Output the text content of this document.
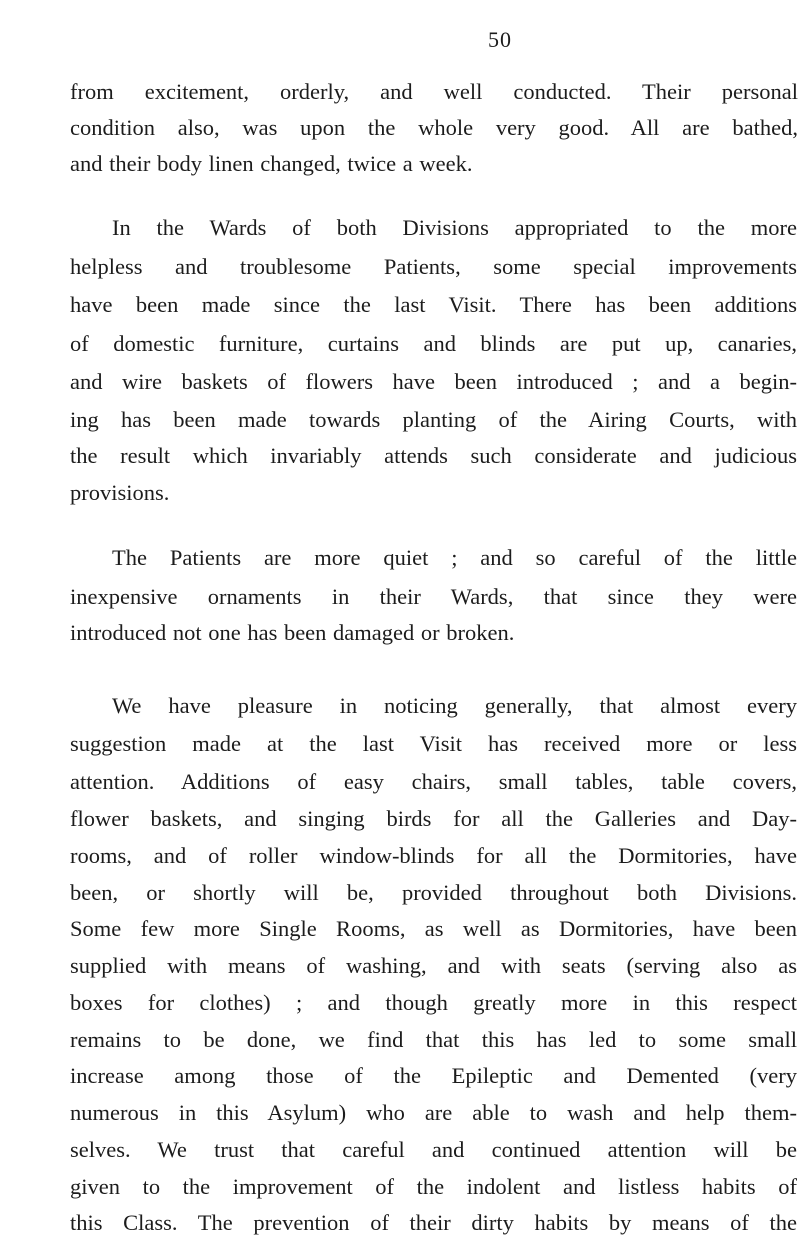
50
from excitement, orderly, and well conducted. Their personal
condition also, was upon the whole very good. All are bathed,
and their body linen changed, twice a week.
In the Wards of both Divisions appropriated to the more
helpless and troublesome Patients, some special improvements
have been made since the last Visit. There has been additions
of domestic furniture, curtains and blinds are put up, canaries,
and wire baskets of flowers have been introduced ; and a begin-
ing has been made towards planting of the Airing Courts, with
the result which invariably attends such considerate and judicious
provisions.
The Patients are more quiet ; and so careful of the little
inexpensive ornaments in their Wards, that since they were
introduced not one has been damaged or broken.
We have pleasure in noticing generally, that almost every
suggestion made at the last Visit has received more or less
attention. Additions of easy chairs, small tables, table covers,
flower baskets, and singing birds for all the Galleries and Day-
rooms, and of roller window-blinds for all the Dormitories, have
been, or shortly will be, provided throughout both Divisions.
Some few more Single Rooms, as well as Dormitories, have been
supplied with means of washing, and with seats (serving also as
boxes for clothes) ; and though greatly more in this respect
remains to be done, we find that this has led to some small
increase among those of the Epileptic and Demented (very
numerous in this Asylum) who are able to wash and help them-
selves. We trust that careful and continued attention will be
given to the improvement of the indolent and listless habits of
this Class. The prevention of their dirty habits by means of the
